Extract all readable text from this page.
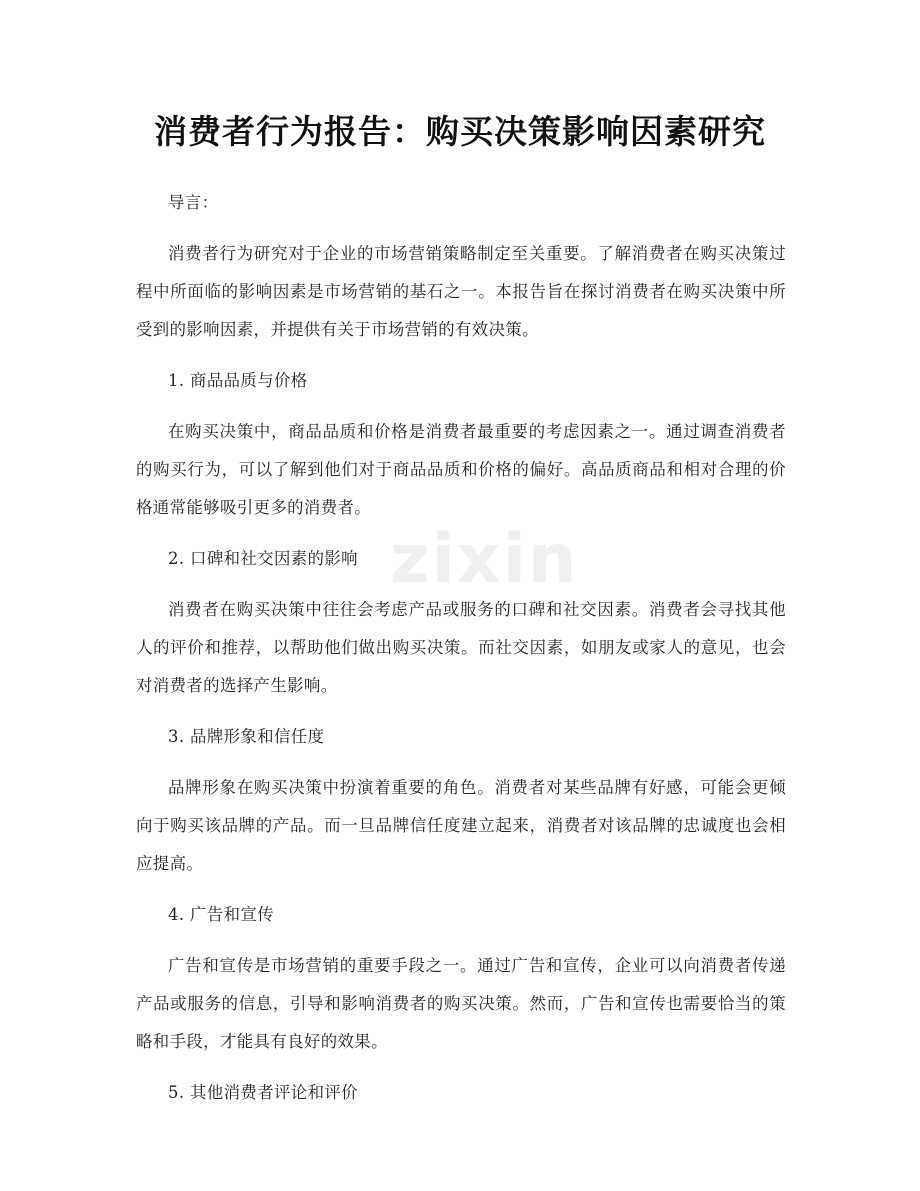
消费者行为报告：购买决策影响因素研究
zixin

导言：

消费者行为研究对于企业的市场营销策略制定至关重要。了解消费者在购买决策过程中所面临的影响因素是市场营销的基石之一。本报告旨在探讨消费者在购买决策中所受到的影响因素，并提供有关于市场营销的有效决策。

1. 商品品质与价格

在购买决策中，商品品质和价格是消费者最重要的考虑因素之一。通过调查消费者的购买行为，可以了解到他们对于商品品质和价格的偏好。高品质商品和相对合理的价格通常能够吸引更多的消费者。

2. 口碑和社交因素的影响

消费者在购买决策中往往会考虑产品或服务的口碑和社交因素。消费者会寻找其他人的评价和推荐，以帮助他们做出购买决策。而社交因素，如朋友或家人的意见，也会对消费者的选择产生影响。

3. 品牌形象和信任度

品牌形象在购买决策中扮演着重要的角色。消费者对某些品牌有好感，可能会更倾向于购买该品牌的产品。而一旦品牌信任度建立起来，消费者对该品牌的忠诚度也会相应提高。

4. 广告和宣传

广告和宣传是市场营销的重要手段之一。通过广告和宣传，企业可以向消费者传递产品或服务的信息，引导和影响消费者的购买决策。然而，广告和宣传也需要恰当的策略和手段，才能具有良好的效果。

5. 其他消费者评论和评价
